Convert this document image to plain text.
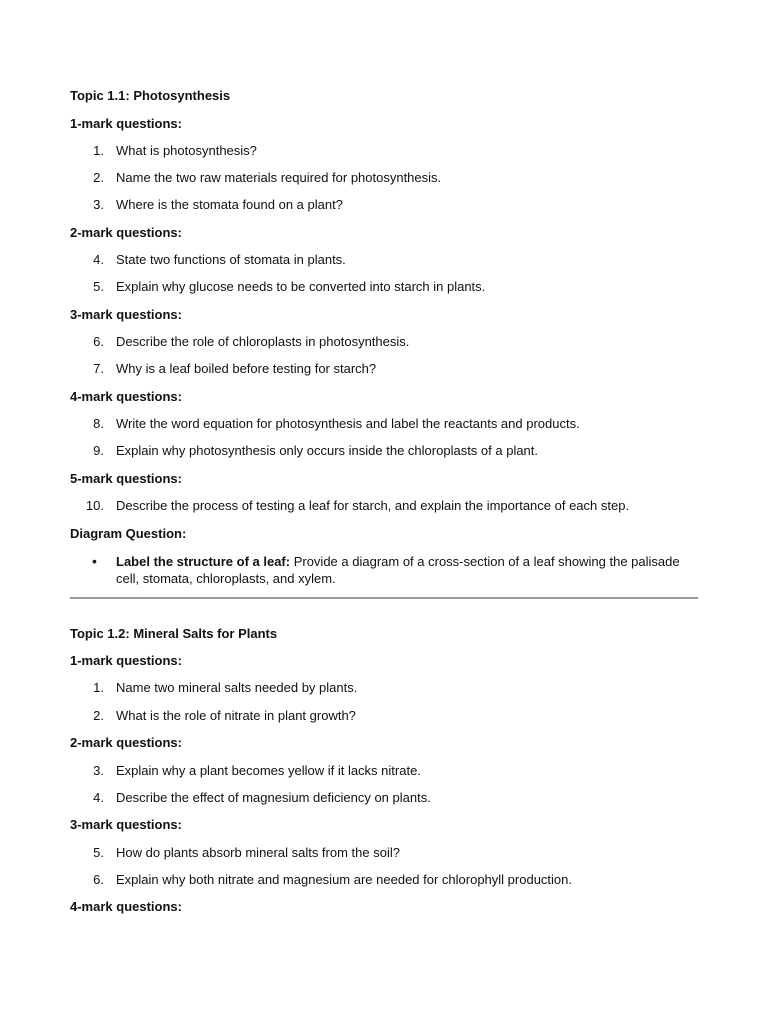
Topic 1.1: Photosynthesis
1-mark questions:
1. What is photosynthesis?
2. Name the two raw materials required for photosynthesis.
3. Where is the stomata found on a plant?
2-mark questions:
4. State two functions of stomata in plants.
5. Explain why glucose needs to be converted into starch in plants.
3-mark questions:
6. Describe the role of chloroplasts in photosynthesis.
7. Why is a leaf boiled before testing for starch?
4-mark questions:
8. Write the word equation for photosynthesis and label the reactants and products.
9. Explain why photosynthesis only occurs inside the chloroplasts of a plant.
5-mark questions:
10. Describe the process of testing a leaf for starch, and explain the importance of each step.
Diagram Question:
• Label the structure of a leaf: Provide a diagram of a cross-section of a leaf showing the palisade cell, stomata, chloroplasts, and xylem.
Topic 1.2: Mineral Salts for Plants
1-mark questions:
1. Name two mineral salts needed by plants.
2. What is the role of nitrate in plant growth?
2-mark questions:
3. Explain why a plant becomes yellow if it lacks nitrate.
4. Describe the effect of magnesium deficiency on plants.
3-mark questions:
5. How do plants absorb mineral salts from the soil?
6. Explain why both nitrate and magnesium are needed for chlorophyll production.
4-mark questions:
